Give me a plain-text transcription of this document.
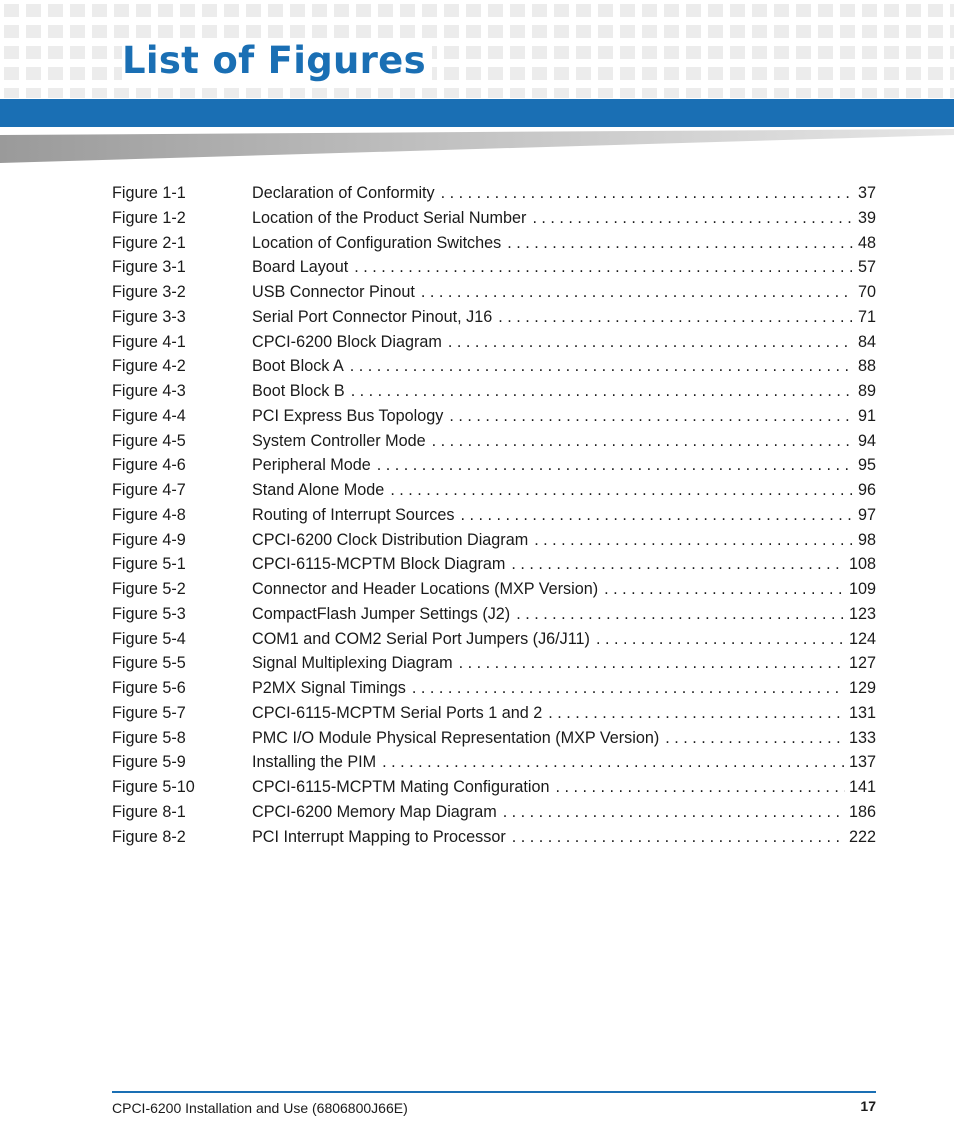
List of Figures
Figure 1-1	Declaration of Conformity . . .	37
Figure 1-2	Location of the Product Serial Number . . .	39
Figure 2-1	Location of Configuration Switches . . .	48
Figure 3-1	Board Layout . . .	57
Figure 3-2	USB Connector Pinout . . .	70
Figure 3-3	Serial Port Connector Pinout, J16 . . .	71
Figure 4-1	CPCI-6200 Block Diagram . . .	84
Figure 4-2	Boot Block A . . .	88
Figure 4-3	Boot Block B . . .	89
Figure 4-4	PCI Express Bus Topology . . .	91
Figure 4-5	System Controller Mode . . .	94
Figure 4-6	Peripheral Mode . . .	95
Figure 4-7	Stand Alone Mode . . .	96
Figure 4-8	Routing of Interrupt Sources . . .	97
Figure 4-9	CPCI-6200 Clock Distribution Diagram . . .	98
Figure 5-1	CPCI-6115-MCPTM Block Diagram . . .	108
Figure 5-2	Connector and Header Locations (MXP Version) . . .	109
Figure 5-3	CompactFlash Jumper Settings (J2) . . .	123
Figure 5-4	COM1 and COM2 Serial Port Jumpers (J6/J11) . . .	124
Figure 5-5	Signal Multiplexing Diagram . . .	127
Figure 5-6	P2MX Signal Timings . . .	129
Figure 5-7	CPCI-6115-MCPTM Serial Ports 1 and 2 . . .	131
Figure 5-8	PMC I/O Module Physical Representation (MXP Version) . . .	133
Figure 5-9	Installing the PIM . . .	137
Figure 5-10	CPCI-6115-MCPTM Mating Configuration . . .	141
Figure 8-1	CPCI-6200 Memory Map Diagram . . .	186
Figure 8-2	PCI Interrupt Mapping to Processor . . .	222
CPCI-6200 Installation and Use (6806800J66E)	17
